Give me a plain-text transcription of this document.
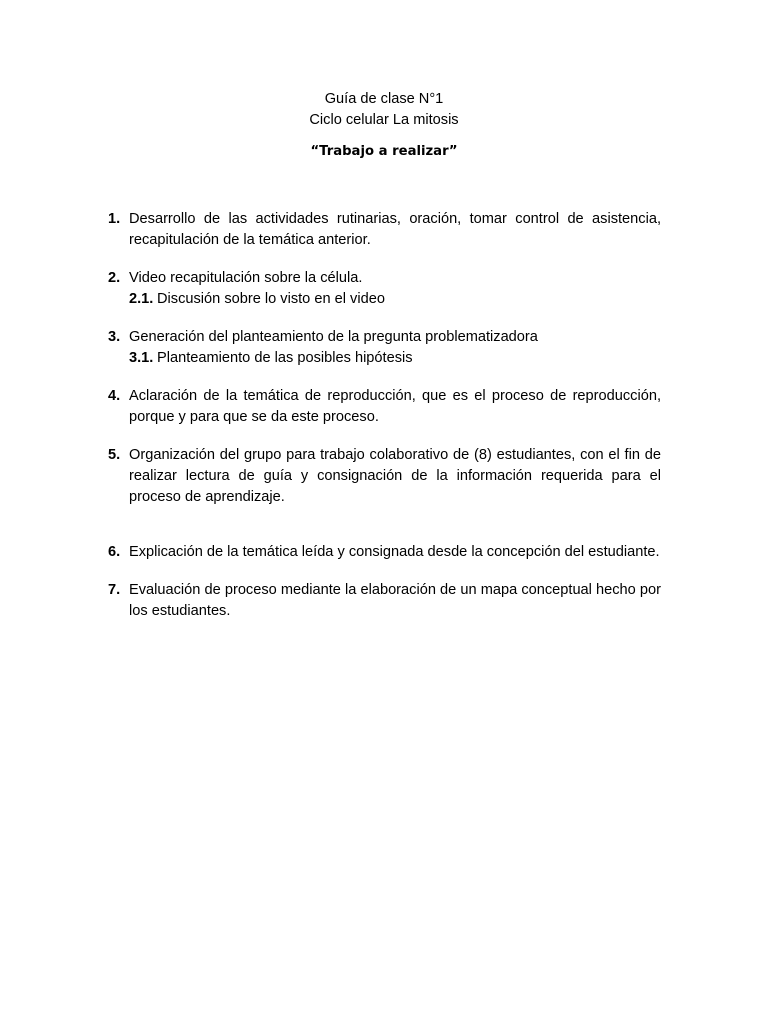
Guía de clase N°1
Ciclo celular La mitosis
“Trabajo a realizar”
1. Desarrollo de las actividades rutinarias, oración, tomar control de asistencia, recapitulación de la temática anterior.
2. Video recapitulación sobre la célula.
2.1. Discusión sobre lo visto en el video
3. Generación del planteamiento de la pregunta problematizadora
3.1. Planteamiento de las posibles hipótesis
4. Aclaración de la temática de reproducción, que es el proceso de reproducción, porque y para que se da este proceso.
5. Organización del grupo para trabajo colaborativo de (8) estudiantes, con el fin de realizar lectura de guía y consignación de la información requerida para el proceso de aprendizaje.
6. Explicación de la temática leída y consignada desde la concepción del estudiante.
7. Evaluación de proceso mediante la elaboración de un mapa conceptual hecho por los estudiantes.
